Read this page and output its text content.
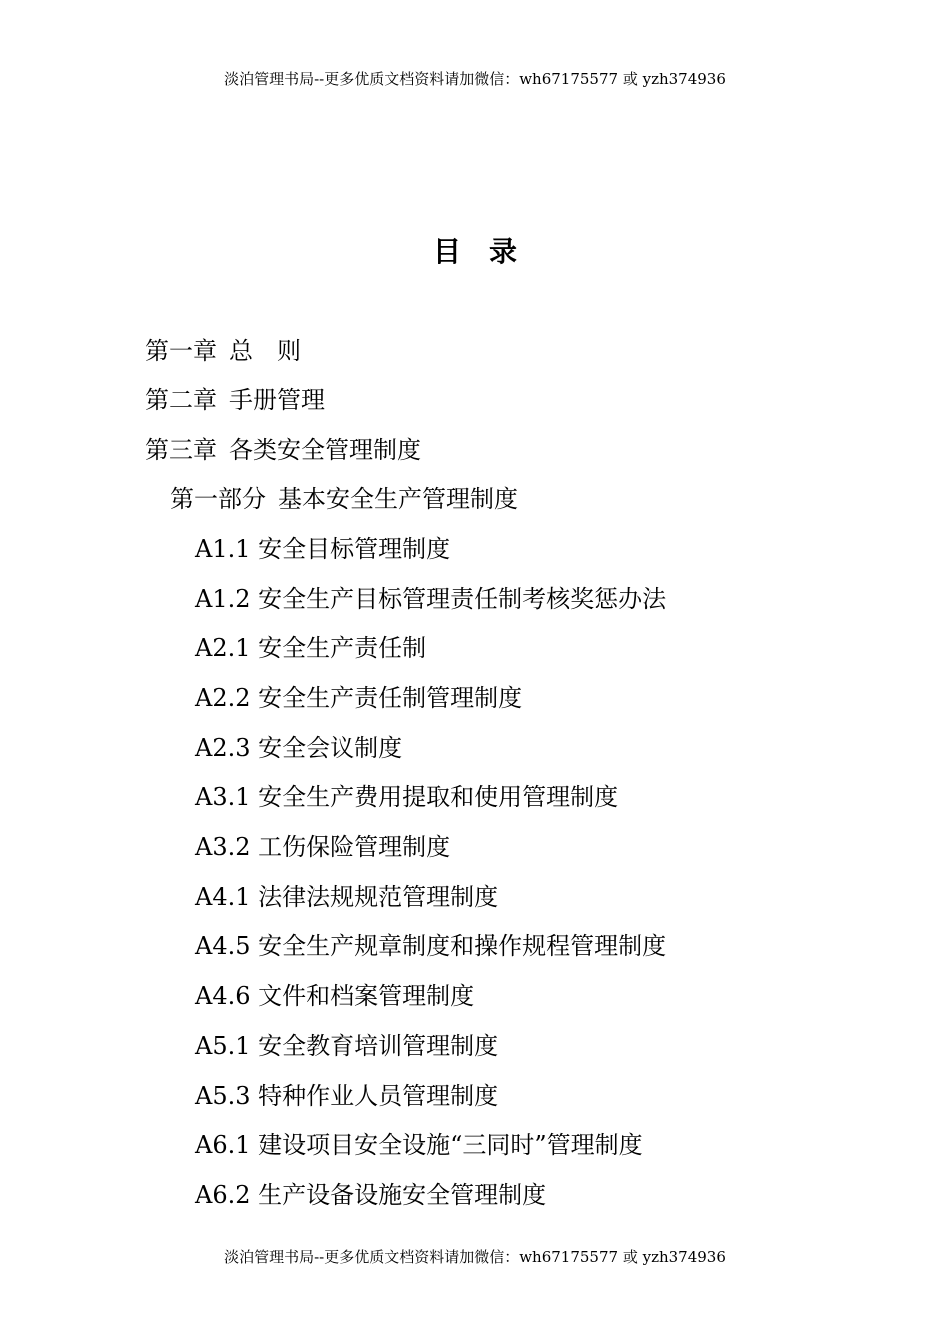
淡泊管理书局--更多优质文档资料请加微信：wh67175577 或 yzh374936
目录
第一章 总　则
第二章 手册管理
第三章 各类安全管理制度
第一部分 基本安全生产管理制度
A1.1 安全目标管理制度
A1.2 安全生产目标管理责任制考核奖惩办法
A2.1 安全生产责任制
A2.2 安全生产责任制管理制度
A2.3 安全会议制度
A3.1 安全生产费用提取和使用管理制度
A3.2 工伤保险管理制度
A4.1 法律法规规范管理制度
A4.5 安全生产规章制度和操作规程管理制度
A4.6 文件和档案管理制度
A5.1 安全教育培训管理制度
A5.3 特种作业人员管理制度
A6.1 建设项目安全设施“三同时”管理制度
A6.2 生产设备设施安全管理制度
淡泊管理书局--更多优质文档资料请加微信：wh67175577 或 yzh374936
